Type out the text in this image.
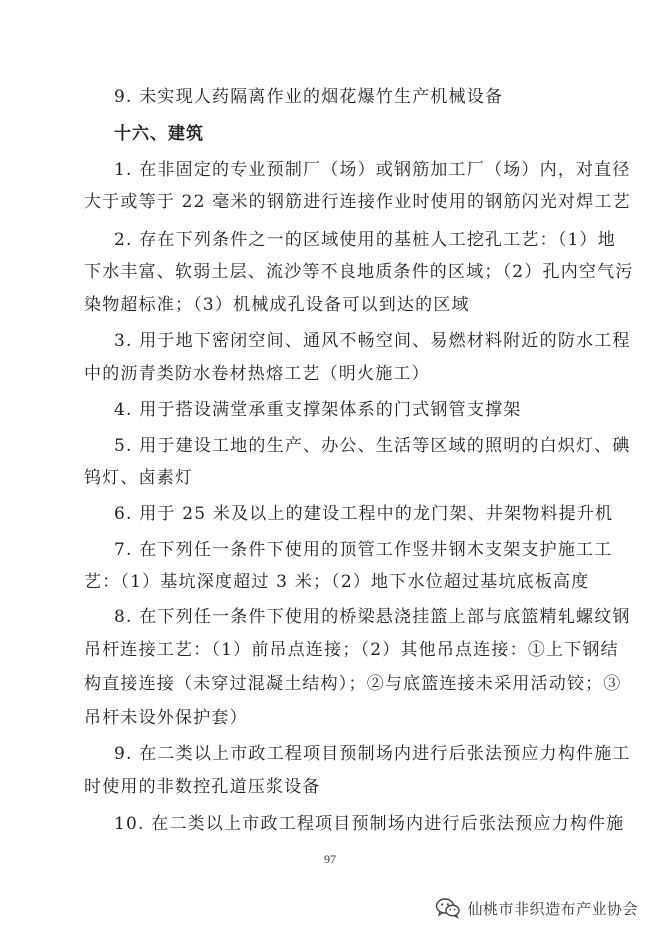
9. 未实现人药隔离作业的烟花爆竹生产机械设备
十六、建筑
1. 在非固定的专业预制厂（场）或钢筋加工厂（场）内，对直径
大于或等于 22 毫米的钢筋进行连接作业时使用的钢筋闪光对焊工艺
2. 存在下列条件之一的区域使用的基桩人工挖孔工艺：（1）地
下水丰富、软弱土层、流沙等不良地质条件的区域；（2）孔内空气污
染物超标准；（3）机械成孔设备可以到达的区域
3. 用于地下密闭空间、通风不畅空间、易燃材料附近的防水工程
中的沥青类防水卷材热熔工艺（明火施工）
4. 用于搭设满堂承重支撑架体系的门式钢管支撑架
5. 用于建设工地的生产、办公、生活等区域的照明的白炽灯、碘
钨灯、卤素灯
6. 用于 25 米及以上的建设工程中的龙门架、井架物料提升机
7. 在下列任一条件下使用的顶管工作竖井钢木支架支护施工工
艺：（1）基坑深度超过 3 米；（2）地下水位超过基坑底板高度
8. 在下列任一条件下使用的桥梁悬浇挂篮上部与底篮精轧螺纹钢
吊杆连接工艺：（1）前吊点连接；（2）其他吊点连接：①上下钢结
构直接连接（未穿过混凝土结构）；②与底篮连接未采用活动铰；③
吊杆未设外保护套）
9. 在二类以上市政工程项目预制场内进行后张法预应力构件施工
时使用的非数控孔道压浆设备
10. 在二类以上市政工程项目预制场内进行后张法预应力构件施
97
仙桃市非织造布产业协会
